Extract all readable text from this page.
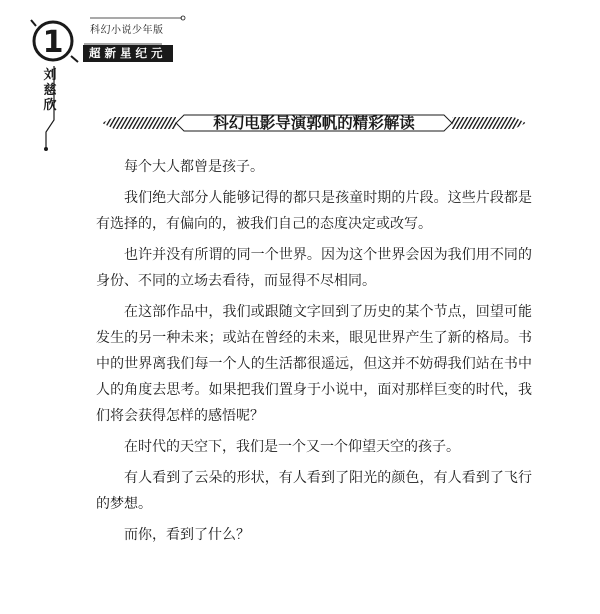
1	科幻小说少年版
超新星纪元
刘
慈
欣
科幻电影导演郭帆的精彩解读

每个大人都曾是孩子。

我们绝大部分人能够记得的都只是孩童时期的片段。这些片段都是有选择的，有偏向的，被我们自己的态度决定或改写。

也许并没有所谓的同一个世界。因为这个世界会因为我们用不同的身份、不同的立场去看待，而显得不尽相同。

在这部作品中，我们或跟随文字回到了历史的某个节点，回望可能发生的另一种未来；或站在曾经的未来，眼见世界产生了新的格局。书中的世界离我们每一个人的生活都很遥远，但这并不妨碍我们站在书中人的角度去思考。如果把我们置身于小说中，面对那样巨变的时代，我们将会获得怎样的感悟呢？

在时代的天空下，我们是一个又一个仰望天空的孩子。

有人看到了云朵的形状，有人看到了阳光的颜色，有人看到了飞行的梦想。

而你，看到了什么？
